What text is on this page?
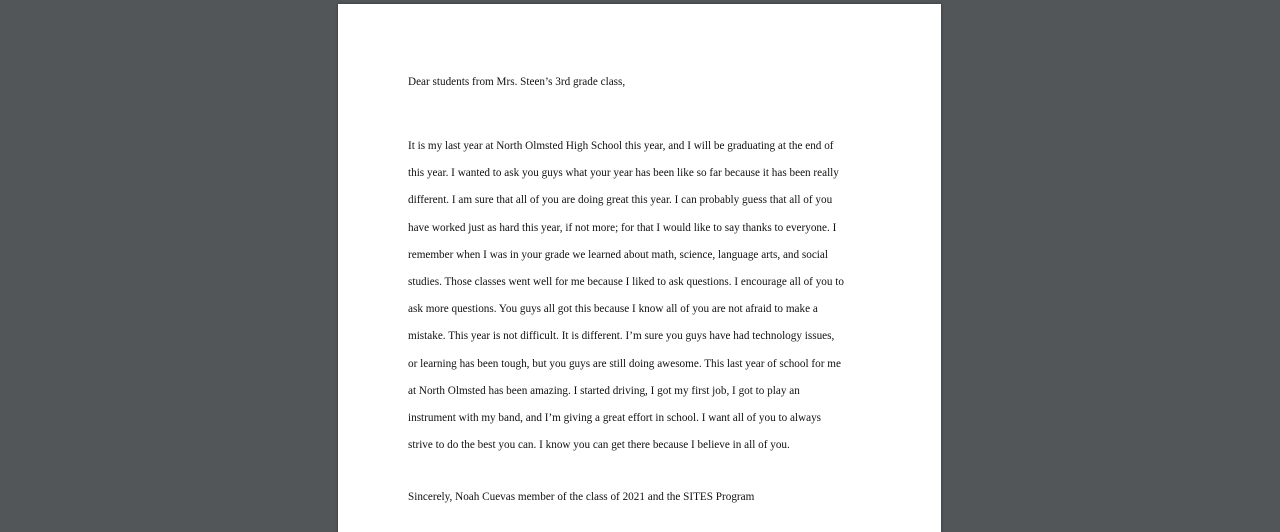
Dear students from Mrs. Steen’s 3rd grade class,

It is my last year at North Olmsted High School this year, and I will be graduating at the end of

this year. I wanted to ask you guys what your year has been like so far because it has been really

different. I am sure that all of you are doing great this year. I can probably guess that all of you

have worked just as hard this year, if not more; for that I would like to say thanks to everyone. I

remember when I was in your grade we learned about math, science, language arts, and social

studies. Those classes went well for me because I liked to ask questions. I encourage all of you to

ask more questions. You guys all got this because I know all of you are not afraid to make a

mistake. This year is not difficult. It is different. I’m sure you guys have had technology issues,

or learning has been tough, but you guys are still doing awesome. This last year of school for me

at North Olmsted has been amazing. I started driving, I got my first job, I got to play an

instrument with my band, and I’m giving a great effort in school. I want all of you to always

strive to do the best you can. I know you can get there because I believe in all of you.

Sincerely, Noah Cuevas member of the class of 2021 and the SITES Program
